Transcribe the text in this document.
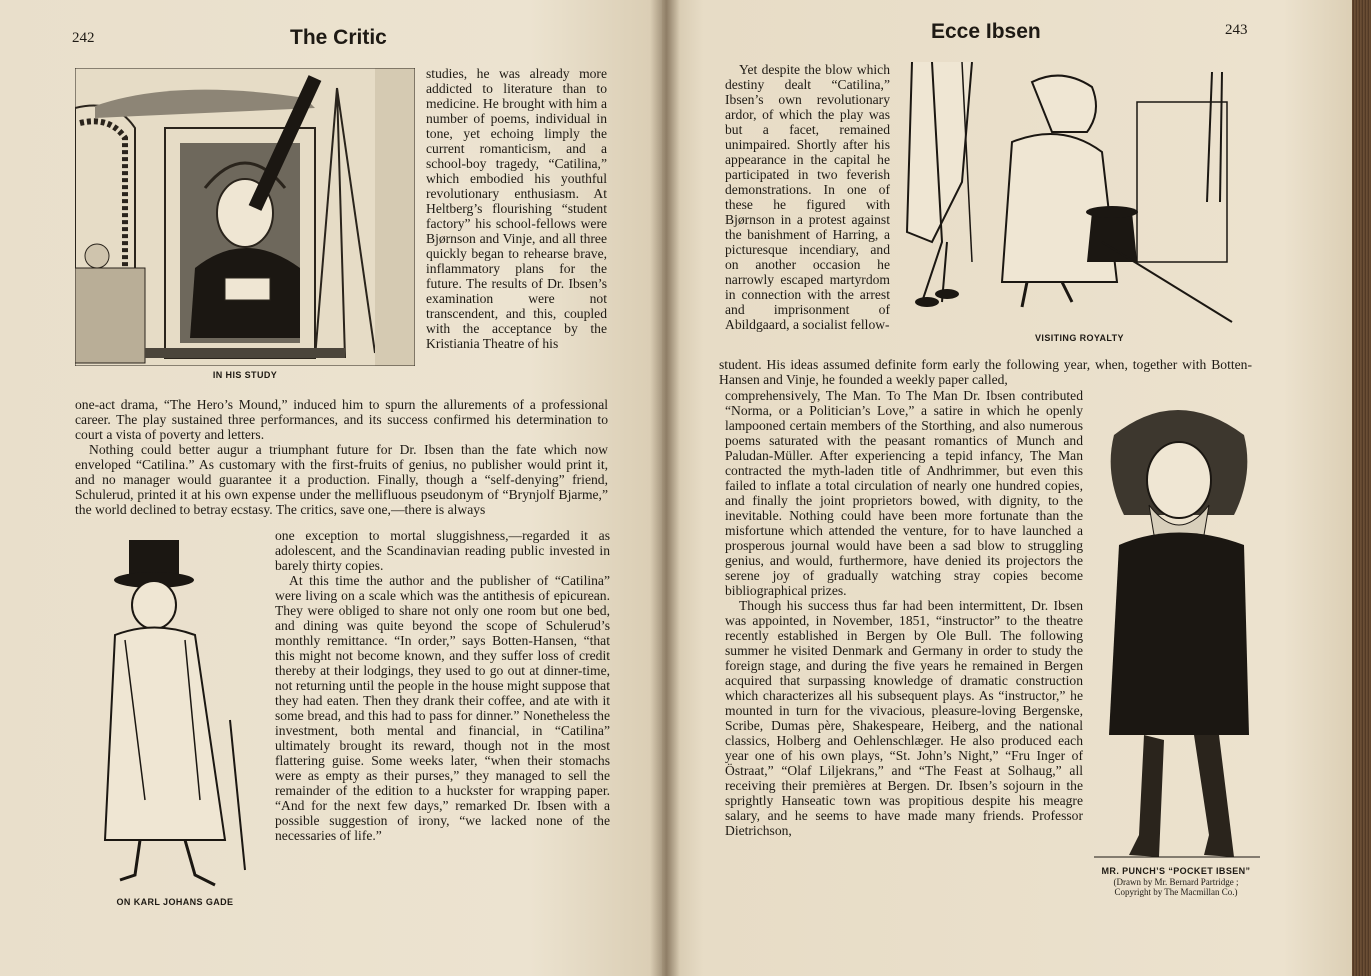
242	The Critic
IN HIS STUDY

studies, he was already more addicted to literature than to medicine. He brought with him a number of poems, individual in tone, yet echoing limply the current romanticism, and a school-boy tragedy, “Catilina,” which embodied his youthful revolutionary enthusiasm. At Heltberg’s flourishing “student factory” his school-fellows were Bjørnson and Vinje, and all three quickly began to rehearse brave, inflammatory plans for the future. The results of Dr. Ibsen’s examination were not transcendent, and this, coupled with the acceptance by the Kristiania Theatre of his

one-act drama, “The Hero’s Mound,” induced him to spurn the allurements of a professional career. The play sustained three performances, and its success confirmed his determination to court a vista of poverty and letters.

Nothing could better augur a triumphant future for Dr. Ibsen than the fate which now enveloped “Catilina.” As customary with the first-fruits of genius, no publisher would print it, and no manager would guarantee it a production. Finally, though a “self-denying” friend, Schulerud, printed it at his own expense under the mellifluous pseudonym of “Brynjolf Bjarme,” the world declined to betray ecstasy. The critics, save one,—there is always

ON KARL JOHANS GADE

one exception to mortal sluggishness,—regarded it as adolescent, and the Scandinavian reading public invested in barely thirty copies.

At this time the author and the publisher of “Catilina” were living on a scale which was the antithesis of epicurean. They were obliged to share not only one room but one bed, and dining was quite beyond the scope of Schulerud’s monthly remittance. “In order,” says Botten-Hansen, “that this might not become known, and they suffer loss of credit thereby at their lodgings, they used to go out at dinner-time, not returning until the people in the house might suppose that they had eaten. Then they drank their coffee, and ate with it some bread, and this had to pass for dinner.” Nonetheless the investment, both mental and financial, in “Catilina” ultimately brought its reward, though not in the most flattering guise. Some weeks later, “when their stomachs were as empty as their purses,” they managed to sell the remainder of the edition to a huckster for wrapping paper. “And for the next few days,” remarked Dr. Ibsen with a possible suggestion of irony, “we lacked none of the necessaries of life.”

Ecce Ibsen	243

Yet despite the blow which destiny dealt “Catilina,” Ibsen’s own revolutionary ardor, of which the play was but a facet, remained unimpaired. Shortly after his appearance in the capital he participated in two feverish demonstrations. In one of these he figured with Bjørnson in a protest against the banishment of Harring, a picturesque incendiary, and on another occasion he narrowly escaped martyrdom in connection with the arrest and imprisonment of Abildgaard, a socialist fellow-

VISITING ROYALTY

student. His ideas assumed definite form early the following year, when, together with Botten-Hansen and Vinje, he founded a weekly paper called,

comprehensively, The Man. To The Man Dr. Ibsen contributed “Norma, or a Politician’s Love,” a satire in which he openly lampooned certain members of the Storthing, and also numerous poems saturated with the peasant romantics of Munch and Paludan-Müller. After experiencing a tepid infancy, The Man contracted the myth-laden title of Andhrimmer, but even this failed to inflate a total circulation of nearly one hundred copies, and finally the joint proprietors bowed, with dignity, to the inevitable. Nothing could have been more fortunate than the misfortune which attended the venture, for to have launched a prosperous journal would have been a sad blow to struggling genius, and would, furthermore, have denied its projectors the serene joy of gradually watching stray copies become bibliographical prizes.

Though his success thus far had been intermittent, Dr. Ibsen was appointed, in November, 1851, “instructor” to the theatre recently established in Bergen by Ole Bull. The following summer he visited Denmark and Germany in order to study the foreign stage, and during the five years he remained in Bergen acquired that surpassing knowledge of dramatic construction which characterizes all his subsequent plays. As “instructor,” he mounted in turn for the vivacious, pleasure-loving Bergenske, Scribe, Dumas père, Shakespeare, Heiberg, and the national classics, Holberg and Oehlenschlæger. He also produced each year one of his own plays, “St. John’s Night,” “Fru Inger of Östraat,” “Olaf Liljekrans,” and “The Feast at Solhaug,” all receiving their premières at Bergen. Dr. Ibsen’s sojourn in the sprightly Hanseatic town was propitious despite his meagre salary, and he seems to have made many friends. Professor Dietrichson,

MR. PUNCH’S “POCKET IBSEN”
(Drawn by Mr. Bernard Partridge ;
Copyright by The Macmillan Co.)
